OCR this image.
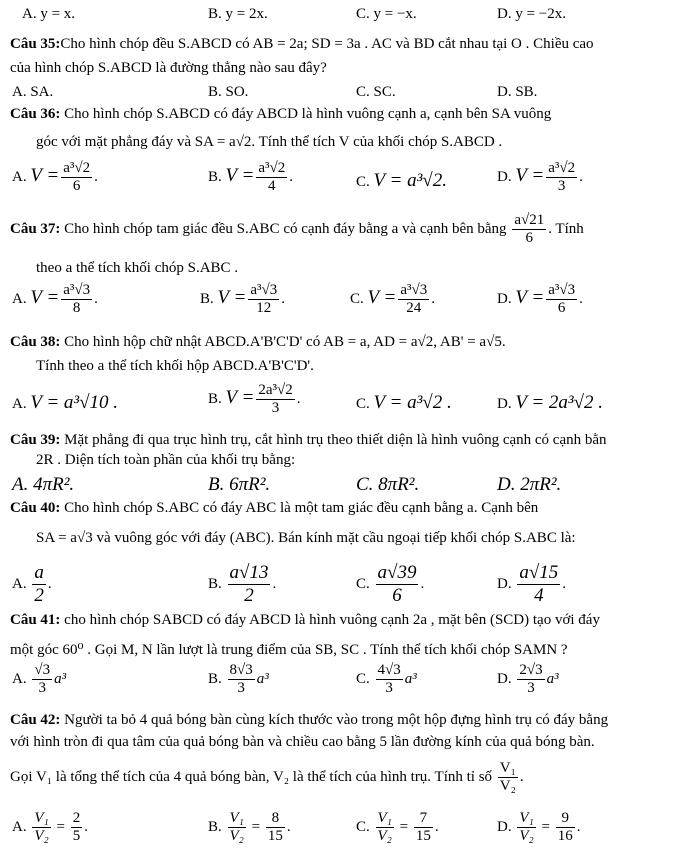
A. y = x.	B. y = 2x.	C. y = −x.	D. y = −2x.
Câu 35:Cho hình chóp đều S.ABCD có AB = 2a; SD = 3a . AC và BD cắt nhau tại O . Chiều cao
của hình chóp S.ABCD là đường thẳng nào sau đây?
A. SA.	B. SO.	C. SC.	D. SB.
Câu 36: Cho hình chóp S.ABCD có đáy ABCD là hình vuông cạnh a, cạnh bên SA vuông
góc với mặt phẳng đáy và SA = a√2. Tính thể tích V của khối chóp S.ABCD .
A. $V = \frac{\text{a³√2}}{6}$ .	B. $V = \frac{\text{a³√2}}{4}$ .	C. V = a³√2.	D. $V = \frac{\text{a³√2}}{3}$ .
Câu 37: Cho hình chóp tam giác đều S.ABC có cạnh đáy bằng a và cạnh bên bằng $\frac{a√21}{6}$ . Tính
theo a thể tích khối chóp S.ABC .
A. $V = \frac{\text{a³√3}}{8}$ .	B. $V = \frac{\text{a³√3}}{12}$ .	C. $V = \frac{\text{a³√3}}{24}$ .	D. $V = \frac{\text{a³√3}}{6}$ .
Câu 38: Cho hình hộp chữ nhật ABCD.A'B'C'D' có AB = a, AD = a√2, AB' = a√5.
Tính theo a thể tích khối hộp ABCD.A'B'C'D'.
A. V = a³√10 .	B. $V = \frac{\text{2a³√2}}{3}$ .	C. V = a³√2 .	D. V = 2a³√2 .
Câu 39: Mặt phẳng đi qua trục hình trụ, cắt hình trụ theo thiết diện là hình vuông cạnh có cạnh bằn
2R . Diện tích toàn phần của khối trụ bằng:
A. 4πR².	B. 6πR².	C. 8πR².	D. 2πR².
Câu 40: Cho hình chóp S.ABC có đáy ABC là một tam giác đều cạnh bằng a. Cạnh bên
SA = a√3 và vuông góc với đáy (ABC). Bán kính mặt cầu ngoại tiếp khối chóp S.ABC là:
A. $\frac{a}{2}$ .	B. $\frac{a√13}{2}$ .	C. $\frac{a√39}{6}$ .	D. $\frac{a√15}{4}$ .
Câu 41: cho hình chóp SABCD có đáy ABCD là hình vuông cạnh 2a , mặt bên (SCD) tạo với đáy
một góc 60⁰ . Gọi M, N lần lượt là trung điểm của SB, SC . Tính thể tích khối chóp SAMN ?
A. $\frac{√3}{3} a^3$	B. $\frac{8√3}{3} a^3$	C. $\frac{4√3}{3} a^3$	D. $\frac{2√3}{3} a^3$
Câu 42: Người ta bỏ 4 quả bóng bàn cùng kích thước vào trong một hộp đựng hình trụ có đáy bằng
với hình tròn đi qua tâm của quả bóng bàn và chiều cao bằng 5 lần đường kính của quả bóng bàn.
Gọi V₁ là tổng thể tích của 4 quả bóng bàn, V₂ là thể tích của hình trụ. Tính tỉ số $\frac{\text{V₁}}{\text{V₂}}$ .
A. $\frac{\text{V₁}}{\text{V₂}} = \frac{2}{5}$ .	B. $\frac{\text{V₁}}{\text{V₂}} = \frac{8}{15}$ .	C. $\frac{\text{V₁}}{\text{V₂}} = \frac{7}{15}$ .	D. $\frac{\text{V₁}}{\text{V₂}} = \frac{9}{16}$ .
